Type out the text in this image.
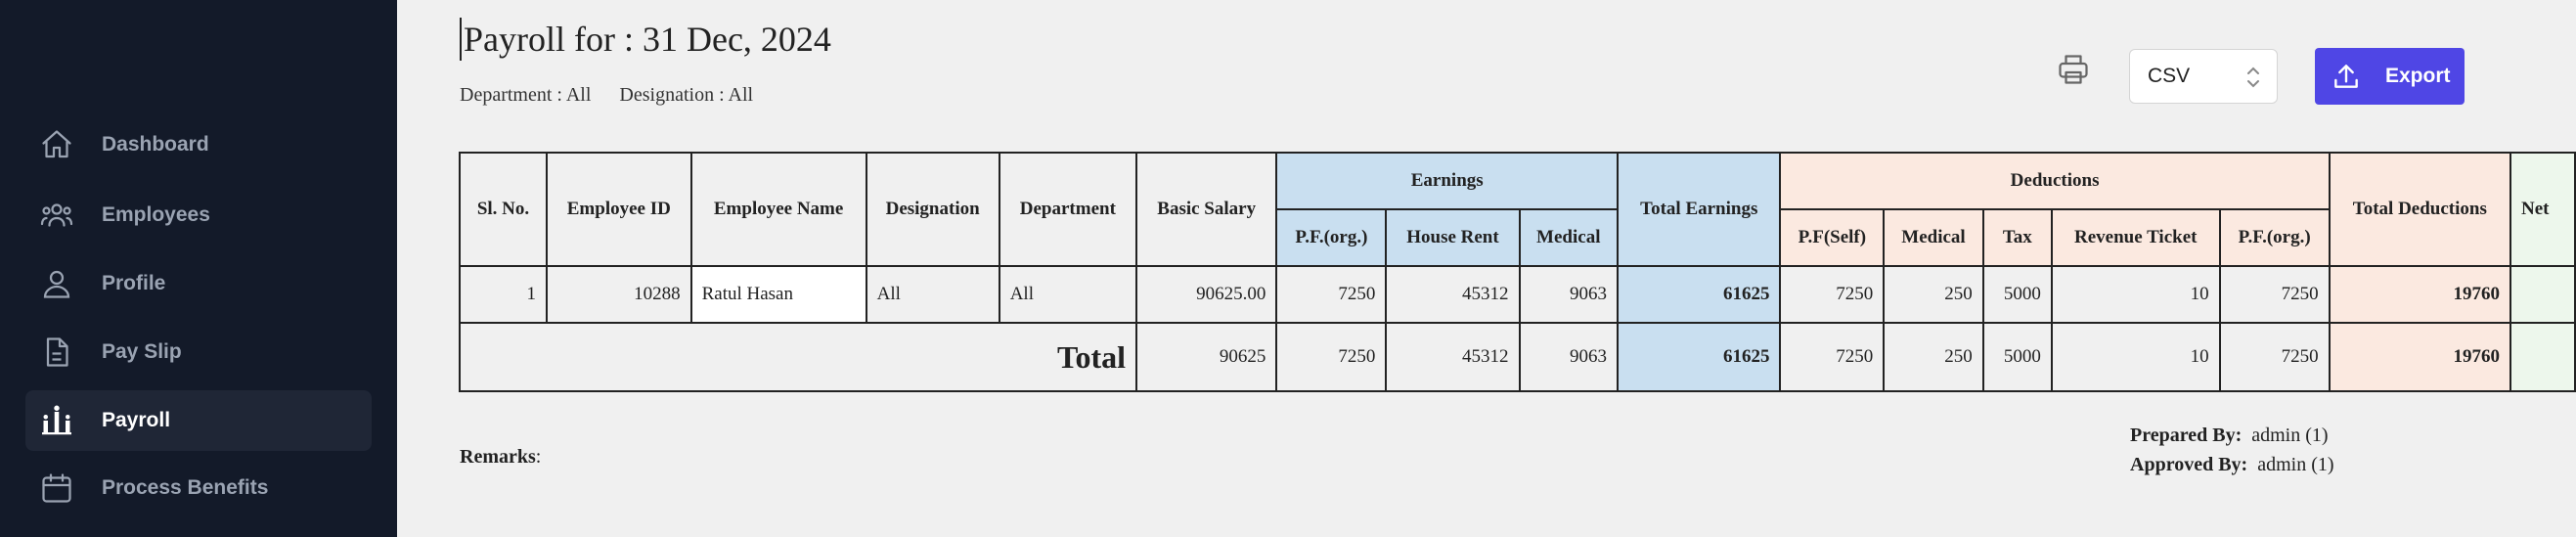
Dashboard
Employees
Profile
Pay Slip
Payroll
Process Benefits
Payroll for : 31 Dec, 2024
Department : All Designation : All
CSV	Export
Sl. No.	Employee ID	Employee Name	Designation	Department	Basic Salary	Earnings			Total Earnings	Deductions					Total Deductions	Net
						P.F.(org.)	House Rent	Medical		P.F(Self)	Medical	Tax	Revenue Ticket	P.F.(org.)		
1	10288	Ratul Hasan	All	All	90625.00	7250	45312	9063	61625	7250	250	5000	10	7250	19760	
Total					90625	7250	45312	9063	61625	7250	250	5000	10	7250	19760	
Remarks:
Prepared By: admin (1)
Approved By: admin (1)
